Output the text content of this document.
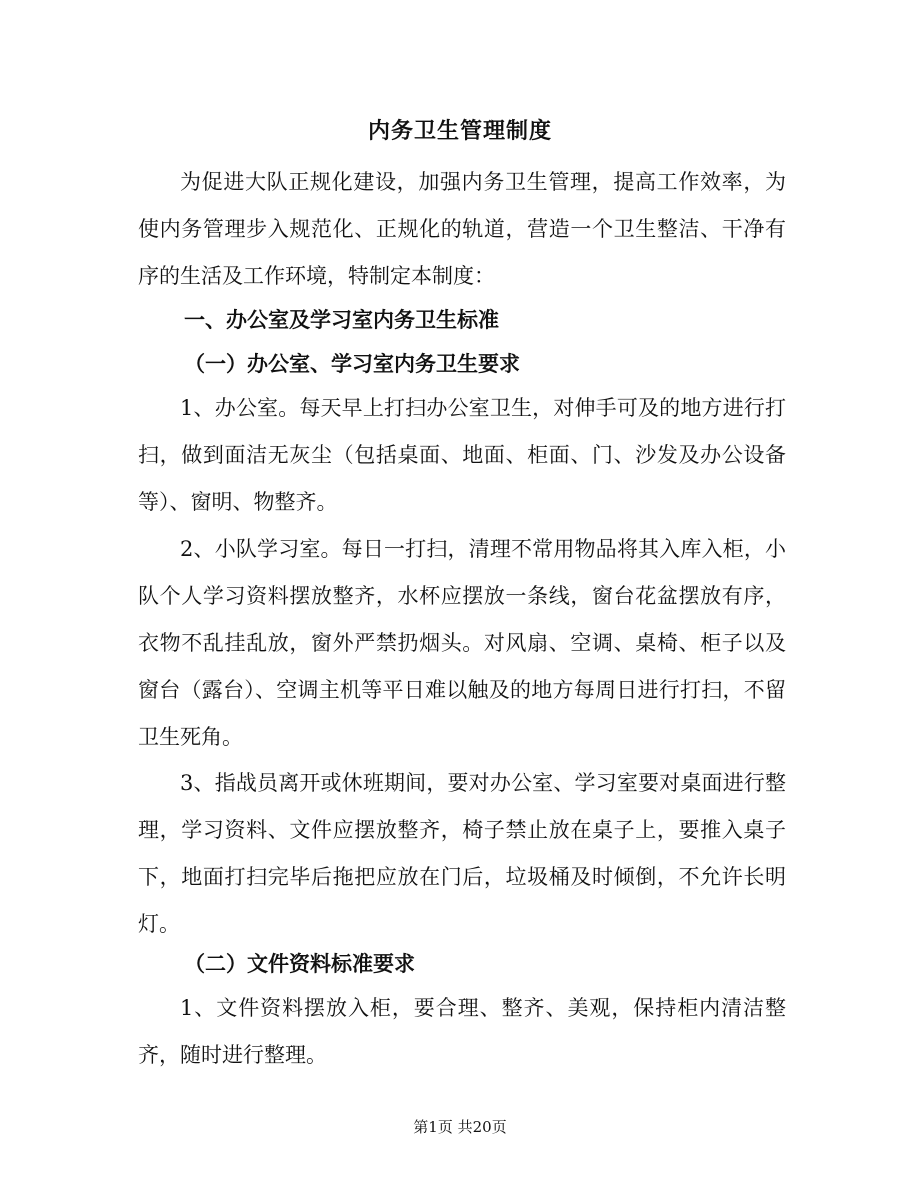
内务卫生管理制度

为促进大队正规化建设，加强内务卫生管理，提高工作效率，为使内务管理步入规范化、正规化的轨道，营造一个卫生整洁、干净有序的生活及工作环境，特制定本制度：

一、办公室及学习室内务卫生标准
（一）办公室、学习室内务卫生要求

1、办公室。每天早上打扫办公室卫生，对伸手可及的地方进行打扫，做到面洁无灰尘（包括桌面、地面、柜面、门、沙发及办公设备等）、窗明、物整齐。

2、小队学习室。每日一打扫，清理不常用物品将其入库入柜，小队个人学习资料摆放整齐，水杯应摆放一条线，窗台花盆摆放有序，衣物不乱挂乱放，窗外严禁扔烟头。对风扇、空调、桌椅、柜子以及窗台（露台）、空调主机等平日难以触及的地方每周日进行打扫，不留卫生死角。

3、指战员离开或休班期间，要对办公室、学习室要对桌面进行整理，学习资料、文件应摆放整齐，椅子禁止放在桌子上，要推入桌子下，地面打扫完毕后拖把应放在门后，垃圾桶及时倾倒，不允许长明灯。

（二）文件资料标准要求

1、文件资料摆放入柜，要合理、整齐、美观，保持柜内清洁整齐，随时进行整理。

第1页 共20页
